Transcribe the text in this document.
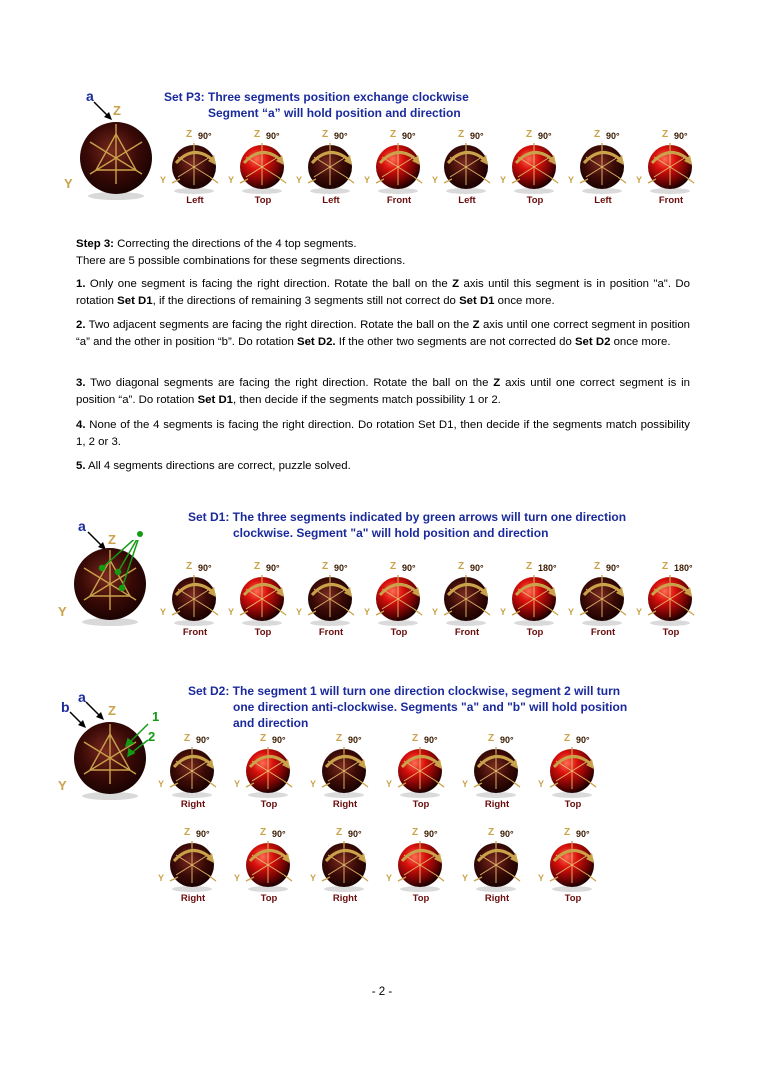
Set P3: Three segments position exchange clockwise
Segment “a” will hold position and direction
a
Z
Y
Z 90°
Y
Left
Z 90°
Y
Top
Z 90°
Y
Left
Z 90°
Y
Front
Z 90°
Y
Left
Z 90°
Y
Top
Z 90°
Y
Left
Z 90°
Y
Front
Step 3: Correcting the directions of the 4 top segments.
There are 5 possible combinations for these segments directions.
1. Only one segment is facing the right direction. Rotate the ball on the Z axis until this segment is in position "a". Do rotation Set D1, if the directions of remaining 3 segments still not correct do Set D1 once more.
2. Two adjacent segments are facing the right direction. Rotate the ball on the Z axis until one correct segment in position “a” and the other in position “b”. Do rotation Set D2. If the other two segments are not corrected do Set D2 once more.
3. Two diagonal segments are facing the right direction. Rotate the ball on the Z axis until one correct segment is in position “a”. Do rotation Set D1, then decide if the segments match possibility 1 or 2.
4. None of the 4 segments is facing the right direction. Do rotation Set D1, then decide if the segments match possibility 1, 2 or 3.
5. All 4 segments directions are correct, puzzle solved.
Set D1: The three segments indicated by green arrows will turn one direction
clockwise. Segment "a" will hold position and direction
a
Z
Y
Z 90°
Y
Front
Z 90°
Y
Top
Z 90°
Y
Front
Z 90°
Y
Top
Z 90°
Y
Front
Z 180°
Y
Top
Z 90°
Y
Front
Z 180°
Y
Top
Set D2: The segment 1 will turn one direction clockwise, segment 2 will turn
one direction anti-clockwise. Segments "a" and "b" will hold position
and direction
a
b
1
2
Z
Y
Z 90°
Y
Right
Z 90°
Y
Top
Z 90°
Y
Right
Z 90°
Y
Top
Z 90°
Y
Right
Z 90°
Y
Top
Z 90°
Y
Right
Z 90°
Y
Top
Z 90°
Y
Right
Z 90°
Y
Top
Z 90°
Y
Right
Z 90°
Y
Top
- 2 -
